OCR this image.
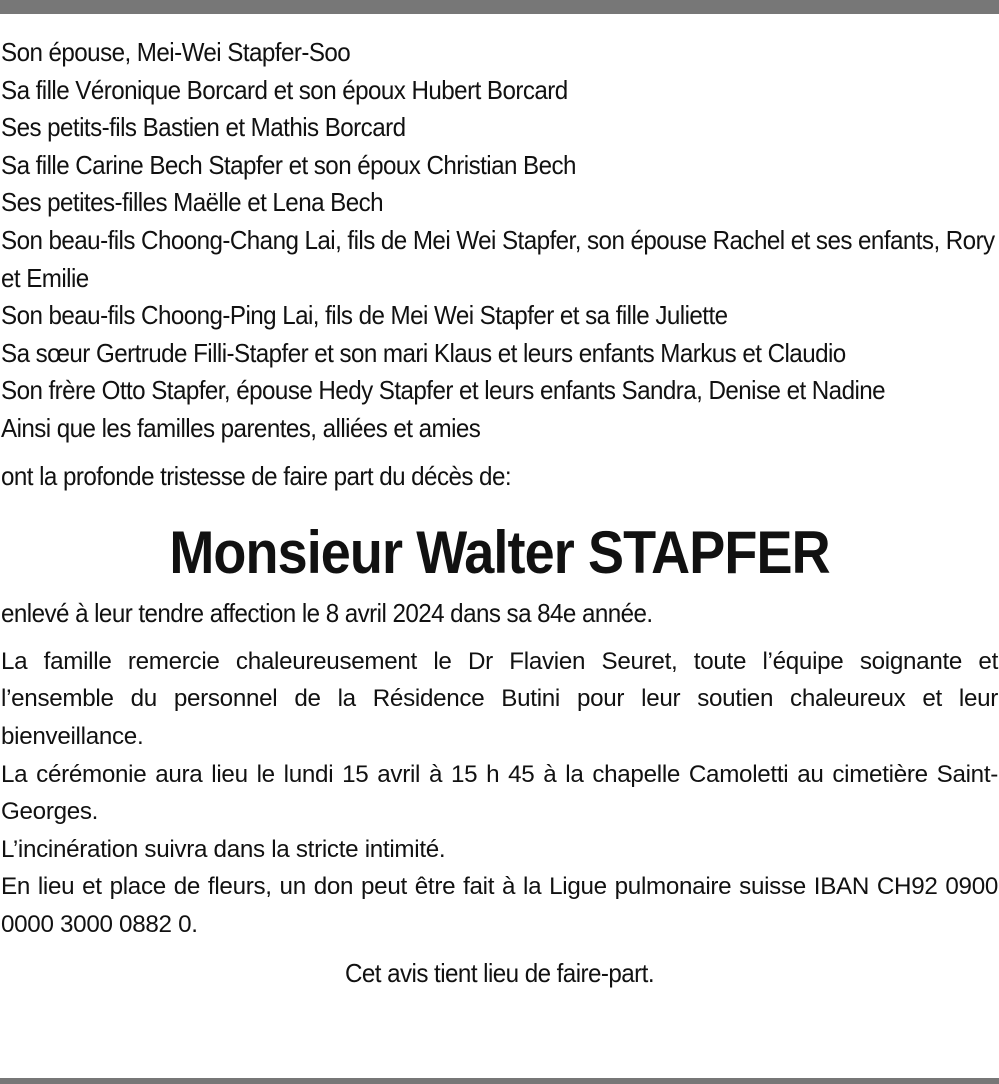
Son épouse, Mei-Wei Stapfer-Soo
Sa fille Véronique Borcard et son époux Hubert Borcard
Ses petits-fils Bastien et Mathis Borcard
Sa fille Carine Bech Stapfer et son époux Christian Bech
Ses petites-filles Maëlle et Lena Bech
Son beau-fils Choong-Chang Lai, fils de Mei Wei Stapfer, son épouse Rachel et ses enfants, Rory et Emilie
Son beau-fils Choong-Ping Lai, fils de Mei Wei Stapfer et sa fille Juliette
Sa sœur Gertrude Filli-Stapfer et son mari Klaus et leurs enfants Markus et Claudio
Son frère Otto Stapfer, épouse Hedy Stapfer et leurs enfants Sandra, Denise et Nadine
Ainsi que les familles parentes, alliées et amies
ont la profonde tristesse de faire part du décès de:
Monsieur Walter STAPFER
enlevé à leur tendre affection le 8 avril 2024 dans sa 84e année.
La famille remercie chaleureusement le Dr Flavien Seuret, toute l’équipe soignante et l’ensemble du personnel de la Résidence Butini pour leur soutien chaleureux et leur bienveillance.
La cérémonie aura lieu le lundi 15 avril à 15 h 45 à la chapelle Camoletti au cimetière Saint-Georges.
L’incinération suivra dans la stricte intimité.
En lieu et place de fleurs, un don peut être fait à la Ligue pulmonaire suisse IBAN CH92 0900 0000 3000 0882 0.
Cet avis tient lieu de faire-part.
